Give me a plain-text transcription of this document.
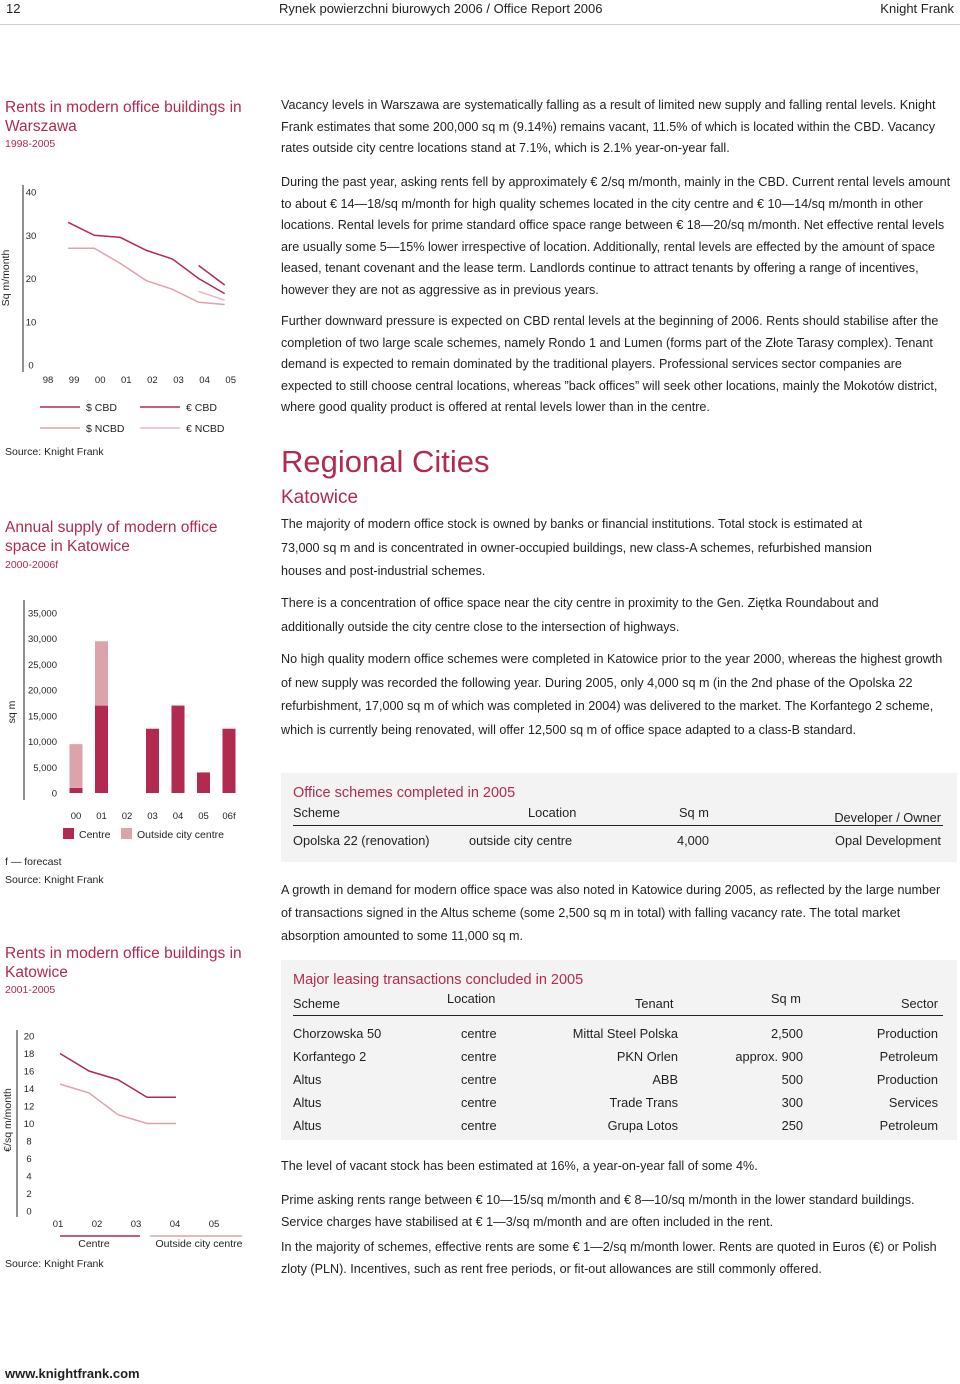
12	Rynek powierzchni biurowych 2006 / Office Report 2006	Knight Frank
Rents in modern office buildings in Warszawa
1998-2005
Sq m/month
0
10
20
30
40
98 99 00 01 02 03 04 05
$ CBD
$ NCBD
€ CBD
€ NCBD
Source: Knight Frank
Annual supply of modern office space in Katowice
2000-2006f
sq m
0
5,000
10,000
15,000
20,000
25,000
30,000
35,000
00 01 02 03 04 05 06f
Centre	Outside city centre
f — forecast
Source: Knight Frank
Rents in modern office buildings in Katowice
2001-2005
€/sq m/month
0
2
4
6
8
10
12
14
16
18
20
01	02	03	04	05
Centre	Outside city centre
Source: Knight Frank
Vacancy levels in Warszawa are systematically falling as a result of limited new supply and falling rental levels. Knight Frank estimates that some 200,000 sq m (9.14%) remains vacant, 11.5% of which is located within the CBD. Vacancy rates outside city centre locations stand at 7.1%, which is 2.1% year-on-year fall.
During the past year, asking rents fell by approximately € 2/sq m/month, mainly in the CBD. Current rental levels amount to about € 14—18/sq m/month for high quality schemes located in the city centre and € 10—14/sq m/month in other locations. Rental levels for prime standard office space range between € 18—20/sq m/month. Net effective rental levels are usually some 5—15% lower irrespective of location. Additionally, rental levels are effected by the amount of space leased, tenant covenant and the lease term. Landlords continue to attract tenants by offering a range of incentives, however they are not as aggressive as in previous years.
Further downward pressure is expected on CBD rental levels at the beginning of 2006. Rents should stabilise after the completion of two large scale schemes, namely Rondo 1 and Lumen (forms part of the Złote Tarasy complex). Tenant demand is expected to remain dominated by the traditional players. Professional services sector companies are expected to still choose central locations, whereas ”back offices” will seek other locations, mainly the Mokotów district, where good quality product is offered at rental levels lower than in the centre.
Regional Cities
Katowice
The majority of modern office stock is owned by banks or financial institutions. Total stock is estimated at 73,000 sq m and is concentrated in owner-occupied buildings, new class-A schemes, refurbished mansion houses and post-industrial schemes.
There is a concentration of office space near the city centre in proximity to the Gen. Ziętka Roundabout and additionally outside the city centre close to the intersection of highways.
No high quality modern office schemes were completed in Katowice prior to the year 2000, whereas the highest growth of new supply was recorded the following year. During 2005, only 4,000 sq m (in the 2nd phase of the Opolska 22 refurbishment, 17,000 sq m of which was completed in 2004) was delivered to the market. The Korfantego 2 scheme, which is currently being renovated, will offer 12,500 sq m of office space adapted to a class-B standard.
Office schemes completed in 2005
Scheme	Location	Sq m	Developer / Owner
Opolska 22 (renovation)	outside city centre	4,000	Opal Development
A growth in demand for modern office space was also noted in Katowice during 2005, as reflected by the large number of transactions signed in the Altus scheme (some 2,500 sq m in total) with falling vacancy rate. The total market absorption amounted to some 11,000 sq m.
Major leasing transactions concluded in 2005
Scheme	Location	Tenant	Sq m	Sector
Chorzowska 50	centre	Mittal Steel Polska	2,500	Production
Korfantego 2	centre	PKN Orlen	approx. 900	Petroleum
Altus	centre	ABB	500	Production
Altus	centre	Trade Trans	300	Services
Altus	centre	Grupa Lotos	250	Petroleum
The level of vacant stock has been estimated at 16%, a year-on-year fall of some 4%.
Prime asking rents range between € 10—15/sq m/month and € 8—10/sq m/month in the lower standard buildings. Service charges have stabilised at € 1—3/sq m/month and are often included in the rent.
In the majority of schemes, effective rents are some € 1—2/sq m/month lower. Rents are quoted in Euros (€) or Polish zloty (PLN). Incentives, such as rent free periods, or fit-out allowances are still commonly offered.
www.knightfrank.com
